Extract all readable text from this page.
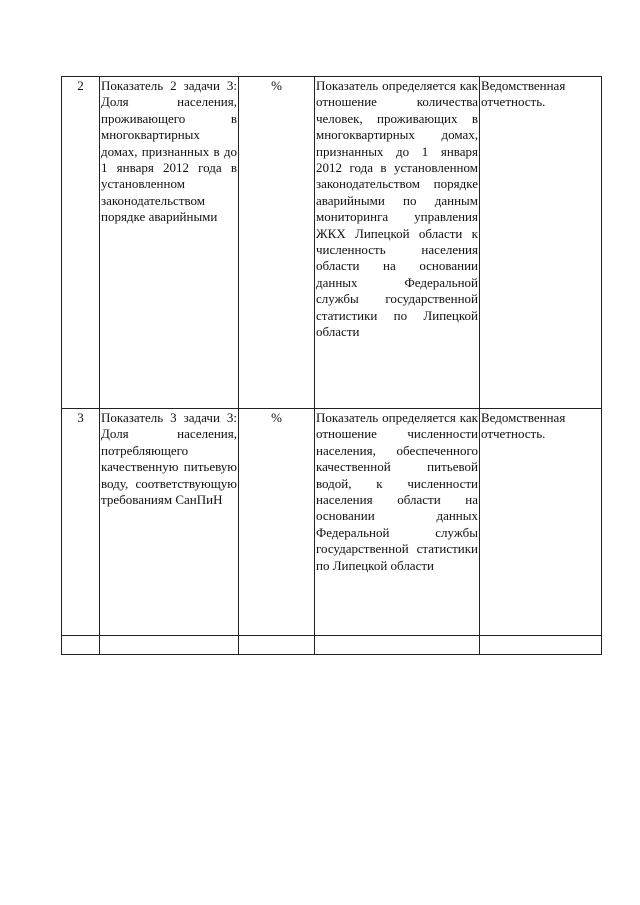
2	Показатель 2 задачи 3: Доля населения, проживающего в многоквартирных домах, признанных в до 1 января 2012 года в установленном законодательством порядке аварийными	%	Показатель определяется как отношение количества человек, проживающих в многоквартирных домах, признанных до 1 января 2012 года в установленном законодательством порядке аварийными по данным мониторинга управления ЖКХ Липецкой области к численность населения области на основании данных Федеральной службы государственной статистики по Липецкой области	Ведомственная отчетность.
3	Показатель 3 задачи 3: Доля населения, потребляющего качественную питьевую воду, соответствующую требованиям СанПиН	%	Показатель определяется как отношение численности населения, обеспеченного качественной питьевой водой, к численности населения области на основании данных Федеральной службы государственной статистики по Липецкой области	Ведомственная отчетность.
